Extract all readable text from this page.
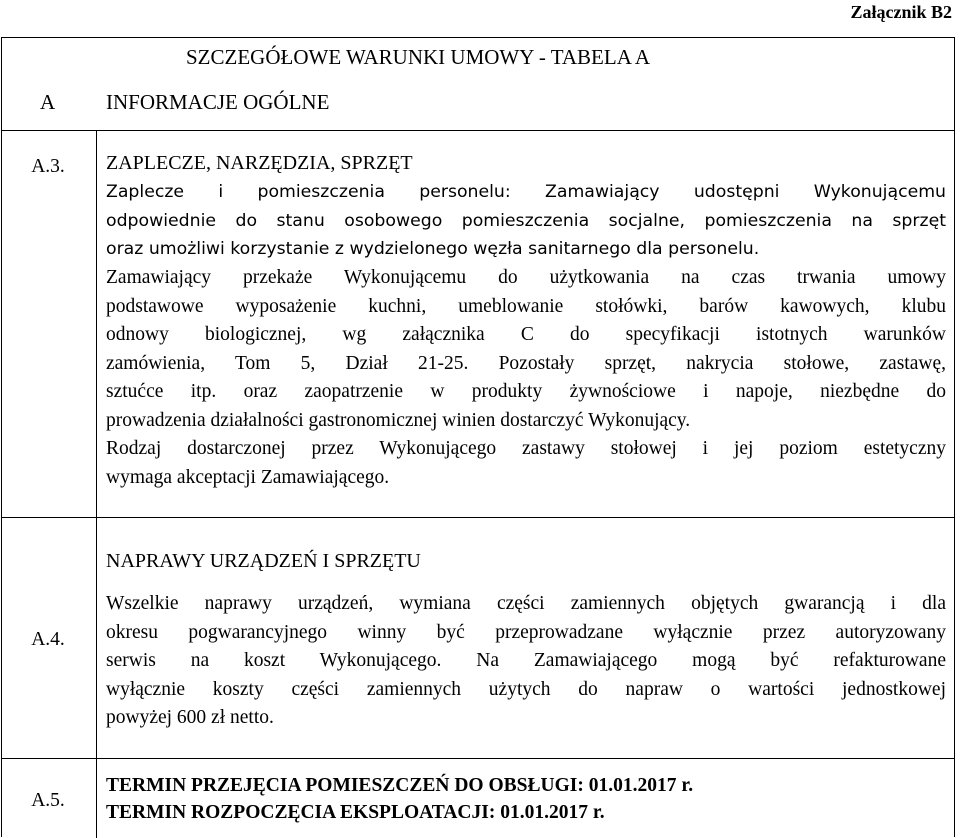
Załącznik B2
SZCZEGÓŁOWE WARUNKI UMOWY - TABELA A
A INFORMACJE OGÓLNE
A.3.	ZAPLECZE, NARZĘDZIA, SPRZĘT
Zaplecze i pomieszczenia personelu: Zamawiający udostępni Wykonującemu
odpowiednie do stanu osobowego pomieszczenia socjalne, pomieszczenia na sprzęt
oraz umożliwi korzystanie z wydzielonego węzła sanitarnego dla personelu.
Zamawiający przekaże Wykonującemu do użytkowania na czas trwania umowy
podstawowe wyposażenie kuchni, umeblowanie stołówki, barów kawowych, klubu
odnowy biologicznej, wg załącznika C do specyfikacji istotnych warunków
zamówienia, Tom 5, Dział 21-25. Pozostały sprzęt, nakrycia stołowe, zastawę,
sztućce itp. oraz zaopatrzenie w produkty żywnościowe i napoje, niezbędne do
prowadzenia działalności gastronomicznej winien dostarczyć Wykonujący.
Rodzaj dostarczonej przez Wykonującego zastawy stołowej i jej poziom estetyczny
wymaga akceptacji Zamawiającego.
A.4.
NAPRAWY URZĄDZEŃ I SPRZĘTU
Wszelkie naprawy urządzeń, wymiana części zamiennych objętych gwarancją i dla
okresu pogwarancyjnego winny być przeprowadzane wyłącznie przez autoryzowany
serwis na koszt Wykonującego. Na Zamawiającego mogą być refakturowane
wyłącznie koszty części zamiennych użytych do napraw o wartości jednostkowej
powyżej 600 zł netto.
A.5.
TERMIN PRZEJĘCIA POMIESZCZEŃ DO OBSŁUGI: 01.01.2017 r.
TERMIN ROZPOCZĘCIA EKSPLOATACJI: 01.01.2017 r.
